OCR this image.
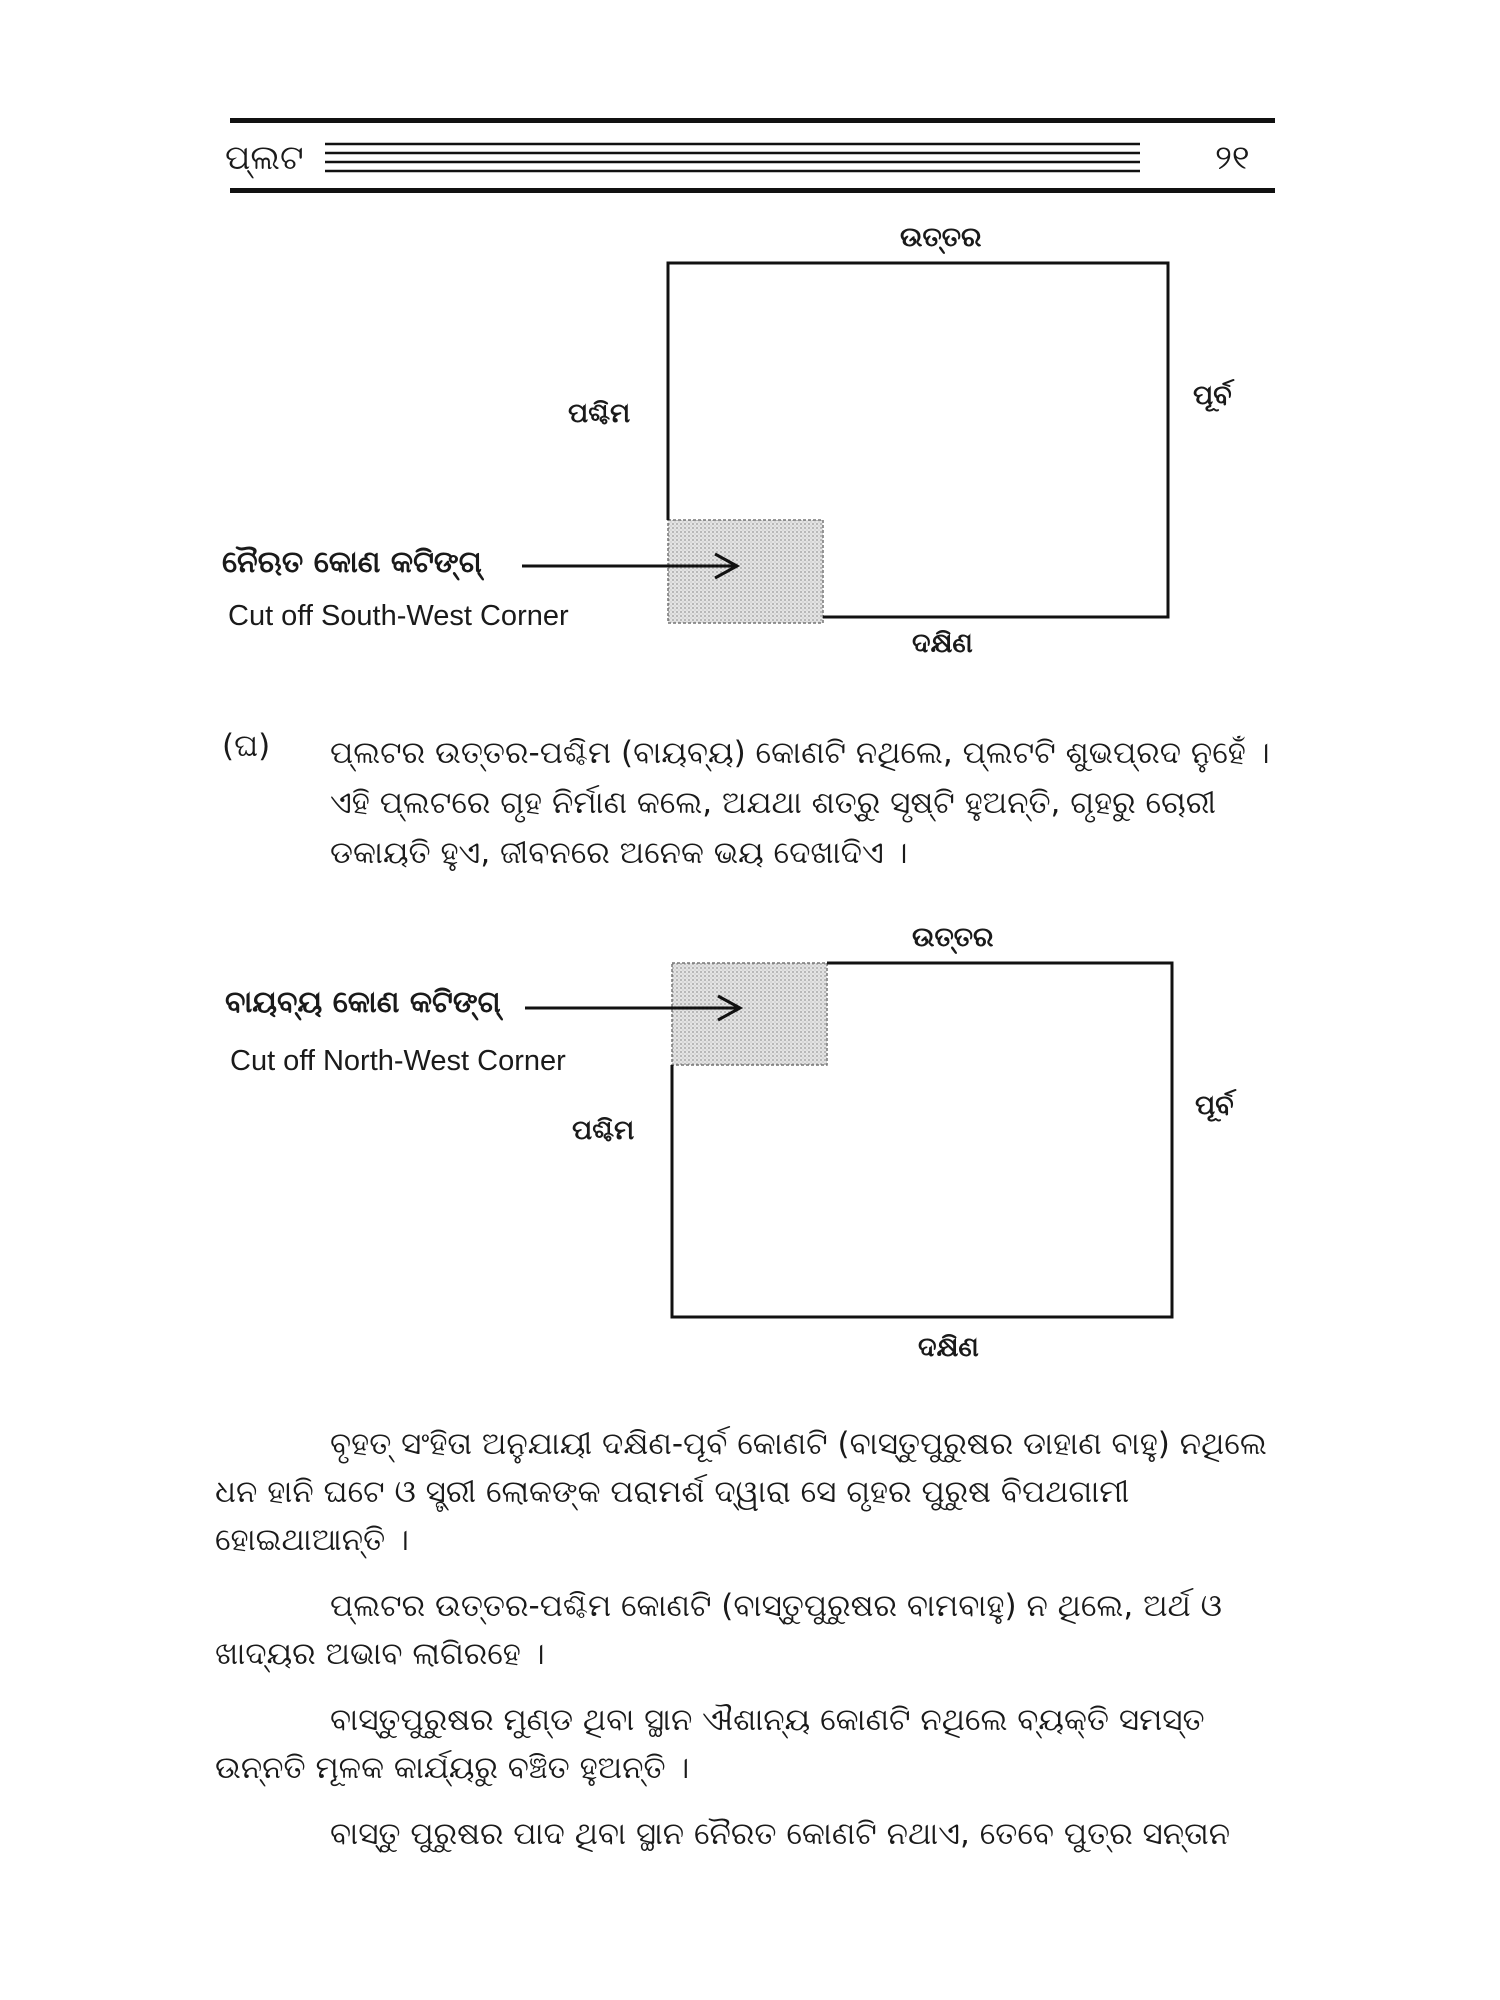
ପ୍ଲଟ	୨୧
ଉତ୍ତର
ପଶ୍ଚିମ
ପୂର୍ବ
ଦକ୍ଷିଣ
ନୈଋତ କୋଣ କଟିଙ୍ଗ୍
Cut off South-West Corner
(ଘ) ପ୍ଲଟର ଉତ୍ତର-ପଶ୍ଚିମ (ବାୟବ୍ୟ) କୋଣଟି ନଥିଲେ, ପ୍ଲଟଟି ଶୁଭପ୍ରଦ ନୁହେଁ । ଏହି ପ୍ଲଟରେ ଗୃହ ନିର୍ମାଣ କଲେ, ଅଯଥା ଶତ୍ରୁ ସୃଷ୍ଟି ହୁଅନ୍ତି, ଗୃହରୁ ଚୋରୀ ଡକାୟତି ହୁଏ, ଜୀବନରେ ଅନେକ ଭୟ ଦେଖାଦିଏ ।
ଉତ୍ତର
ପଶ୍ଚିମ
ପୂର୍ବ
ଦକ୍ଷିଣ
ବାୟବ୍ୟ କୋଣ କଟିଙ୍ଗ୍
Cut off North-West Corner

ବୃହତ୍ ସଂହିତା ଅନୁଯାୟୀ ଦକ୍ଷିଣ-ପୂର୍ବ କୋଣଟି (ବାସ୍ତୁପୁରୁଷର ଡାହାଣ ବାହୁ) ନଥିଲେ ଧନ ହାନି ଘଟେ ଓ ସ୍ତ୍ରୀ ଲୋକଙ୍କ ପରାମର୍ଶ ଦ୍ୱାରା ସେ ଗୃହର ପୁରୁଷ ବିପଥଗାମୀ ହୋଇଥାଆନ୍ତି ।

ପ୍ଲଟର ଉତ୍ତର-ପଶ୍ଚିମ କୋଣଟି (ବାସ୍ତୁପୁରୁଷର ବାମବାହୁ) ନ ଥିଲେ, ଅର୍ଥ ଓ ଖାଦ୍ୟର ଅଭାବ ଲାଗିରହେ ।

ବାସ୍ତୁପୁରୁଷର ମୁଣ୍ଡ ଥିବା ସ୍ଥାନ ଐଶାନ୍ୟ କୋଣଟି ନଥିଲେ ବ୍ୟକ୍ତି ସମସ୍ତ ଉନ୍ନତି ମୂଳକ କାର୍ଯ୍ୟରୁ ବଞ୍ଚିତ ହୁଅନ୍ତି ।

ବାସ୍ତୁ ପୁରୁଷର ପାଦ ଥିବା ସ୍ଥାନ ନୈରତ କୋଣଟି ନଥାଏ, ତେବେ ପୁତ୍ର ସନ୍ତାନ
